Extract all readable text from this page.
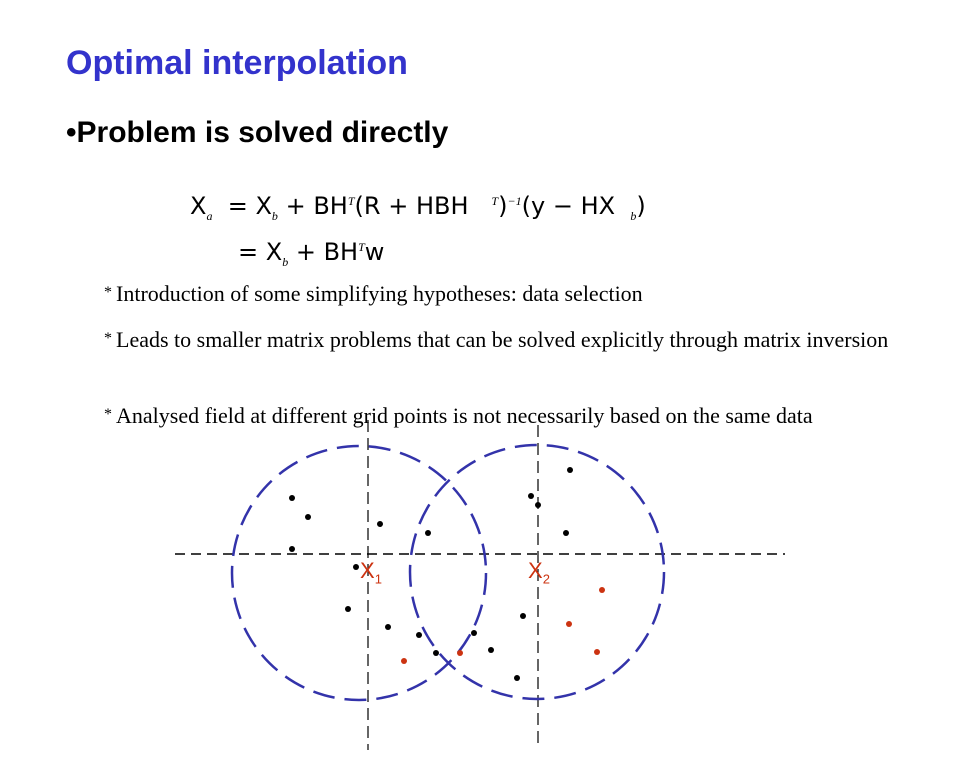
Optimal interpolation
•Problem is solved directly

$X_a = X_b + BH^T(R$ + HBH $^T$)$^{-1}$(y − HX $_b$)

= $X_b + BH^Tw$

* Introduction of some simplifying hypotheses: data selection
* Leads to smaller matrix problems that can be solved explicitly through matrix inversion
* Analysed field at different grid points is not necessarily based on the same data
$X_1$	$X_2$
